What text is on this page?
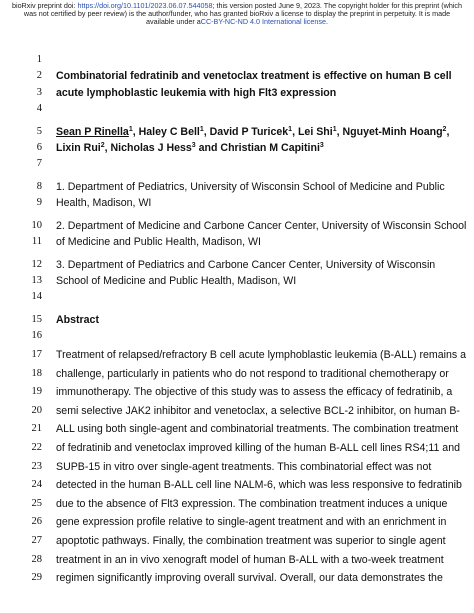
bioRxiv preprint doi: https://doi.org/10.1101/2023.06.07.544058; this version posted June 9, 2023. The copyright holder for this preprint (which
was not certified by peer review) is the author/funder, who has granted bioRxiv a license to display the preprint in perpetuity. It is made
available under aCC-BY-NC-ND 4.0 International license.
1
2
3
4
5
6
7
8
9
10
11
12
13
14
15
16
17
18
19
20
21
22
23
24
25
26
27
28
29
Combinatorial fedratinib and venetoclax treatment is effective on human B cell
acute lymphoblastic leukemia with high Flt3 expression
Sean P Rinella$^1$, Haley C Bell$^1$, David P Turicek$^1$, Lei Shi$^1$, Nguyet-Minh Hoang$^2$,
Lixin Rui$^2$, Nicholas J Hess$^3$ and Christian M Capitini$^3$
1. Department of Pediatrics, University of Wisconsin School of Medicine and Public
Health, Madison, WI
2. Department of Medicine and Carbone Cancer Center, University of Wisconsin School
of Medicine and Public Health, Madison, WI
3. Department of Pediatrics and Carbone Cancer Center, University of Wisconsin
School of Medicine and Public Health, Madison, WI
Abstract
Treatment of relapsed/refractory B cell acute lymphoblastic leukemia (B-ALL) remains a
challenge, particularly in patients who do not respond to traditional chemotherapy or
immunotherapy. The objective of this study was to assess the efficacy of fedratinib, a
semi selective JAK2 inhibitor and venetoclax, a selective BCL-2 inhibitor, on human B-
ALL using both single-agent and combinatorial treatments. The combination treatment
of fedratinib and venetoclax improved killing of the human B-ALL cell lines RS4;11 and
SUPB-15 in vitro over single-agent treatments. This combinatorial effect was not
detected in the human B-ALL cell line NALM-6, which was less responsive to fedratinib
due to the absence of Flt3 expression. The combination treatment induces a unique
gene expression profile relative to single-agent treatment and with an enrichment in
apoptotic pathways. Finally, the combination treatment was superior to single agent
treatment in an in vivo xenograft model of human B-ALL with a two-week treatment
regimen significantly improving overall survival. Overall, our data demonstrates the
